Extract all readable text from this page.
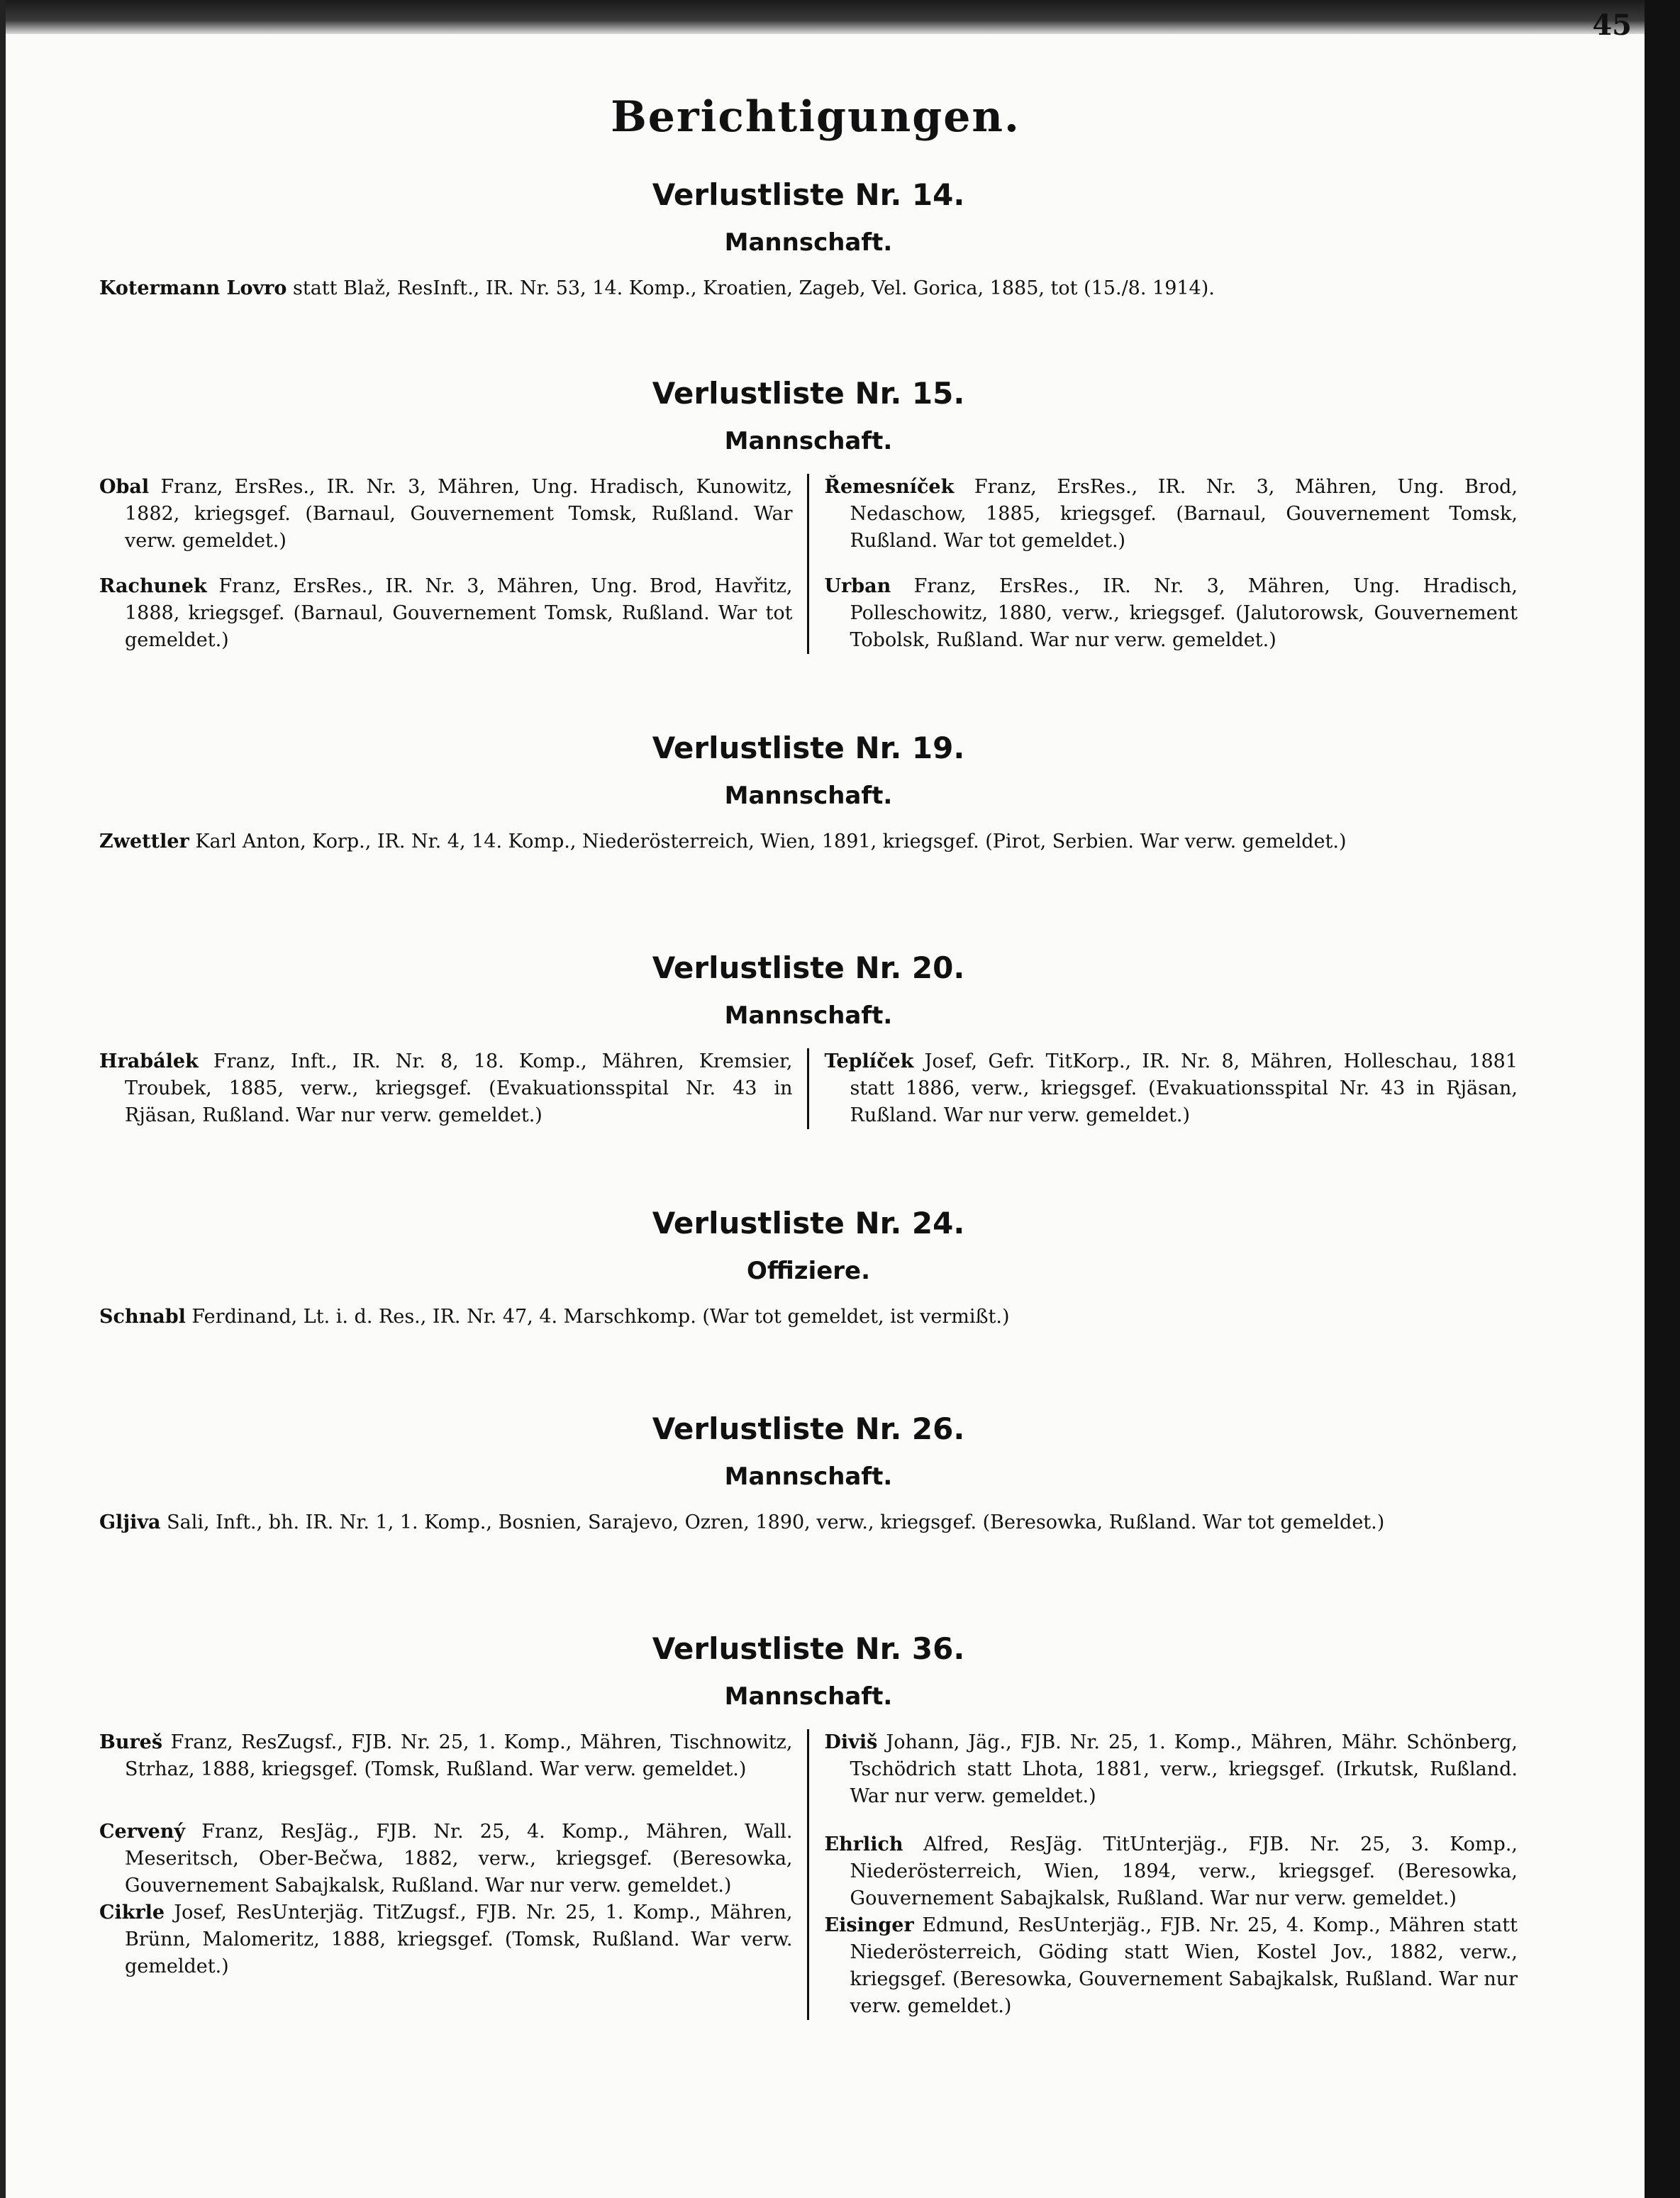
45
Berichtigungen.
Verlustliste Nr. 14.
Mannschaft.
Kotermann Lovro statt Blaž, ResInft., IR. Nr. 53, 14. Komp., Kroatien, Zageb, Vel. Gorica, 1885, tot (15./8. 1914).
Verlustliste Nr. 15.
Mannschaft.
Obal Franz, ErsRes., IR. Nr. 3, Mähren, Ung. Hradisch, Kunowitz, 1882, kriegsgef. (Barnaul, Gouvernement Tomsk, Rußland. War verw. gemeldet.)
Rachunek Franz, ErsRes., IR. Nr. 3, Mähren, Ung. Brod, Havřitz, 1888, kriegsgef. (Barnaul, Gouvernement Tomsk, Rußland. War tot gemeldet.)
Řemesníček Franz, ErsRes., IR. Nr. 3, Mähren, Ung. Brod, Nedaschow, 1885, kriegsgef. (Barnaul, Gouvernement Tomsk, Rußland. War tot gemeldet.)
Urban Franz, ErsRes., IR. Nr. 3, Mähren, Ung. Hradisch, Polleschowitz, 1880, verw., kriegsgef. (Jalutorowsk, Gouvernement Tobolsk, Rußland. War nur verw. gemeldet.)
Verlustliste Nr. 19.
Mannschaft.
Zwettler Karl Anton, Korp., IR. Nr. 4, 14. Komp., Niederösterreich, Wien, 1891, kriegsgef. (Pirot, Serbien. War verw. gemeldet.)
Verlustliste Nr. 20.
Mannschaft.
Hrabálek Franz, Inft., IR. Nr. 8, 18. Komp., Mähren, Kremsier, Troubek, 1885, verw., kriegsgef. (Evakuationsspital Nr. 43 in Rjäsan, Rußland. War nur verw. gemeldet.)
Teplíček Josef, Gefr. TitKorp., IR. Nr. 8, Mähren, Holleschau, 1881 statt 1886, verw., kriegsgef. (Evakuationsspital Nr. 43 in Rjäsan, Rußland. War nur verw. gemeldet.)
Verlustliste Nr. 24.
Offiziere.
Schnabl Ferdinand, Lt. i. d. Res., IR. Nr. 47, 4. Marschkomp. (War tot gemeldet, ist vermißt.)
Verlustliste Nr. 26.
Mannschaft.
Gljiva Sali, Inft., bh. IR. Nr. 1, 1. Komp., Bosnien, Sarajevo, Ozren, 1890, verw., kriegsgef. (Beresowka, Rußland. War tot gemeldet.)
Verlustliste Nr. 36.
Mannschaft.
Bureš Franz, ResZugsf., FJB. Nr. 25, 1. Komp., Mähren, Tischnowitz, Strhaz, 1888, kriegsgef. (Tomsk, Rußland. War verw. gemeldet.)
Cervený Franz, ResJäg., FJB. Nr. 25, 4. Komp., Mähren, Wall. Meseritsch, Ober-Bečwa, 1882, verw., kriegsgef. (Beresowka, Gouvernement Sabajkalsk, Rußland. War nur verw. gemeldet.)
Cikrle Josef, ResUnterjäg. TitZugsf., FJB. Nr. 25, 1. Komp., Mähren, Brünn, Malomeritz, 1888, kriegsgef. (Tomsk, Rußland. War verw. gemeldet.)
Diviš Johann, Jäg., FJB. Nr. 25, 1. Komp., Mähren, Mähr. Schönberg, Tschödrich statt Lhota, 1881, verw., kriegsgef. (Irkutsk, Rußland. War nur verw. gemeldet.)
Ehrlich Alfred, ResJäg. TitUnterjäg., FJB. Nr. 25, 3. Komp., Niederösterreich, Wien, 1894, verw., kriegsgef. (Beresowka, Gouvernement Sabajkalsk, Rußland. War nur verw. gemeldet.)
Eisinger Edmund, ResUnterjäg., FJB. Nr. 25, 4. Komp., Mähren statt Niederösterreich, Göding statt Wien, Kostel Jov., 1882, verw., kriegsgef. (Beresowka, Gouvernement Sabajkalsk, Rußland. War nur verw. gemeldet.)
